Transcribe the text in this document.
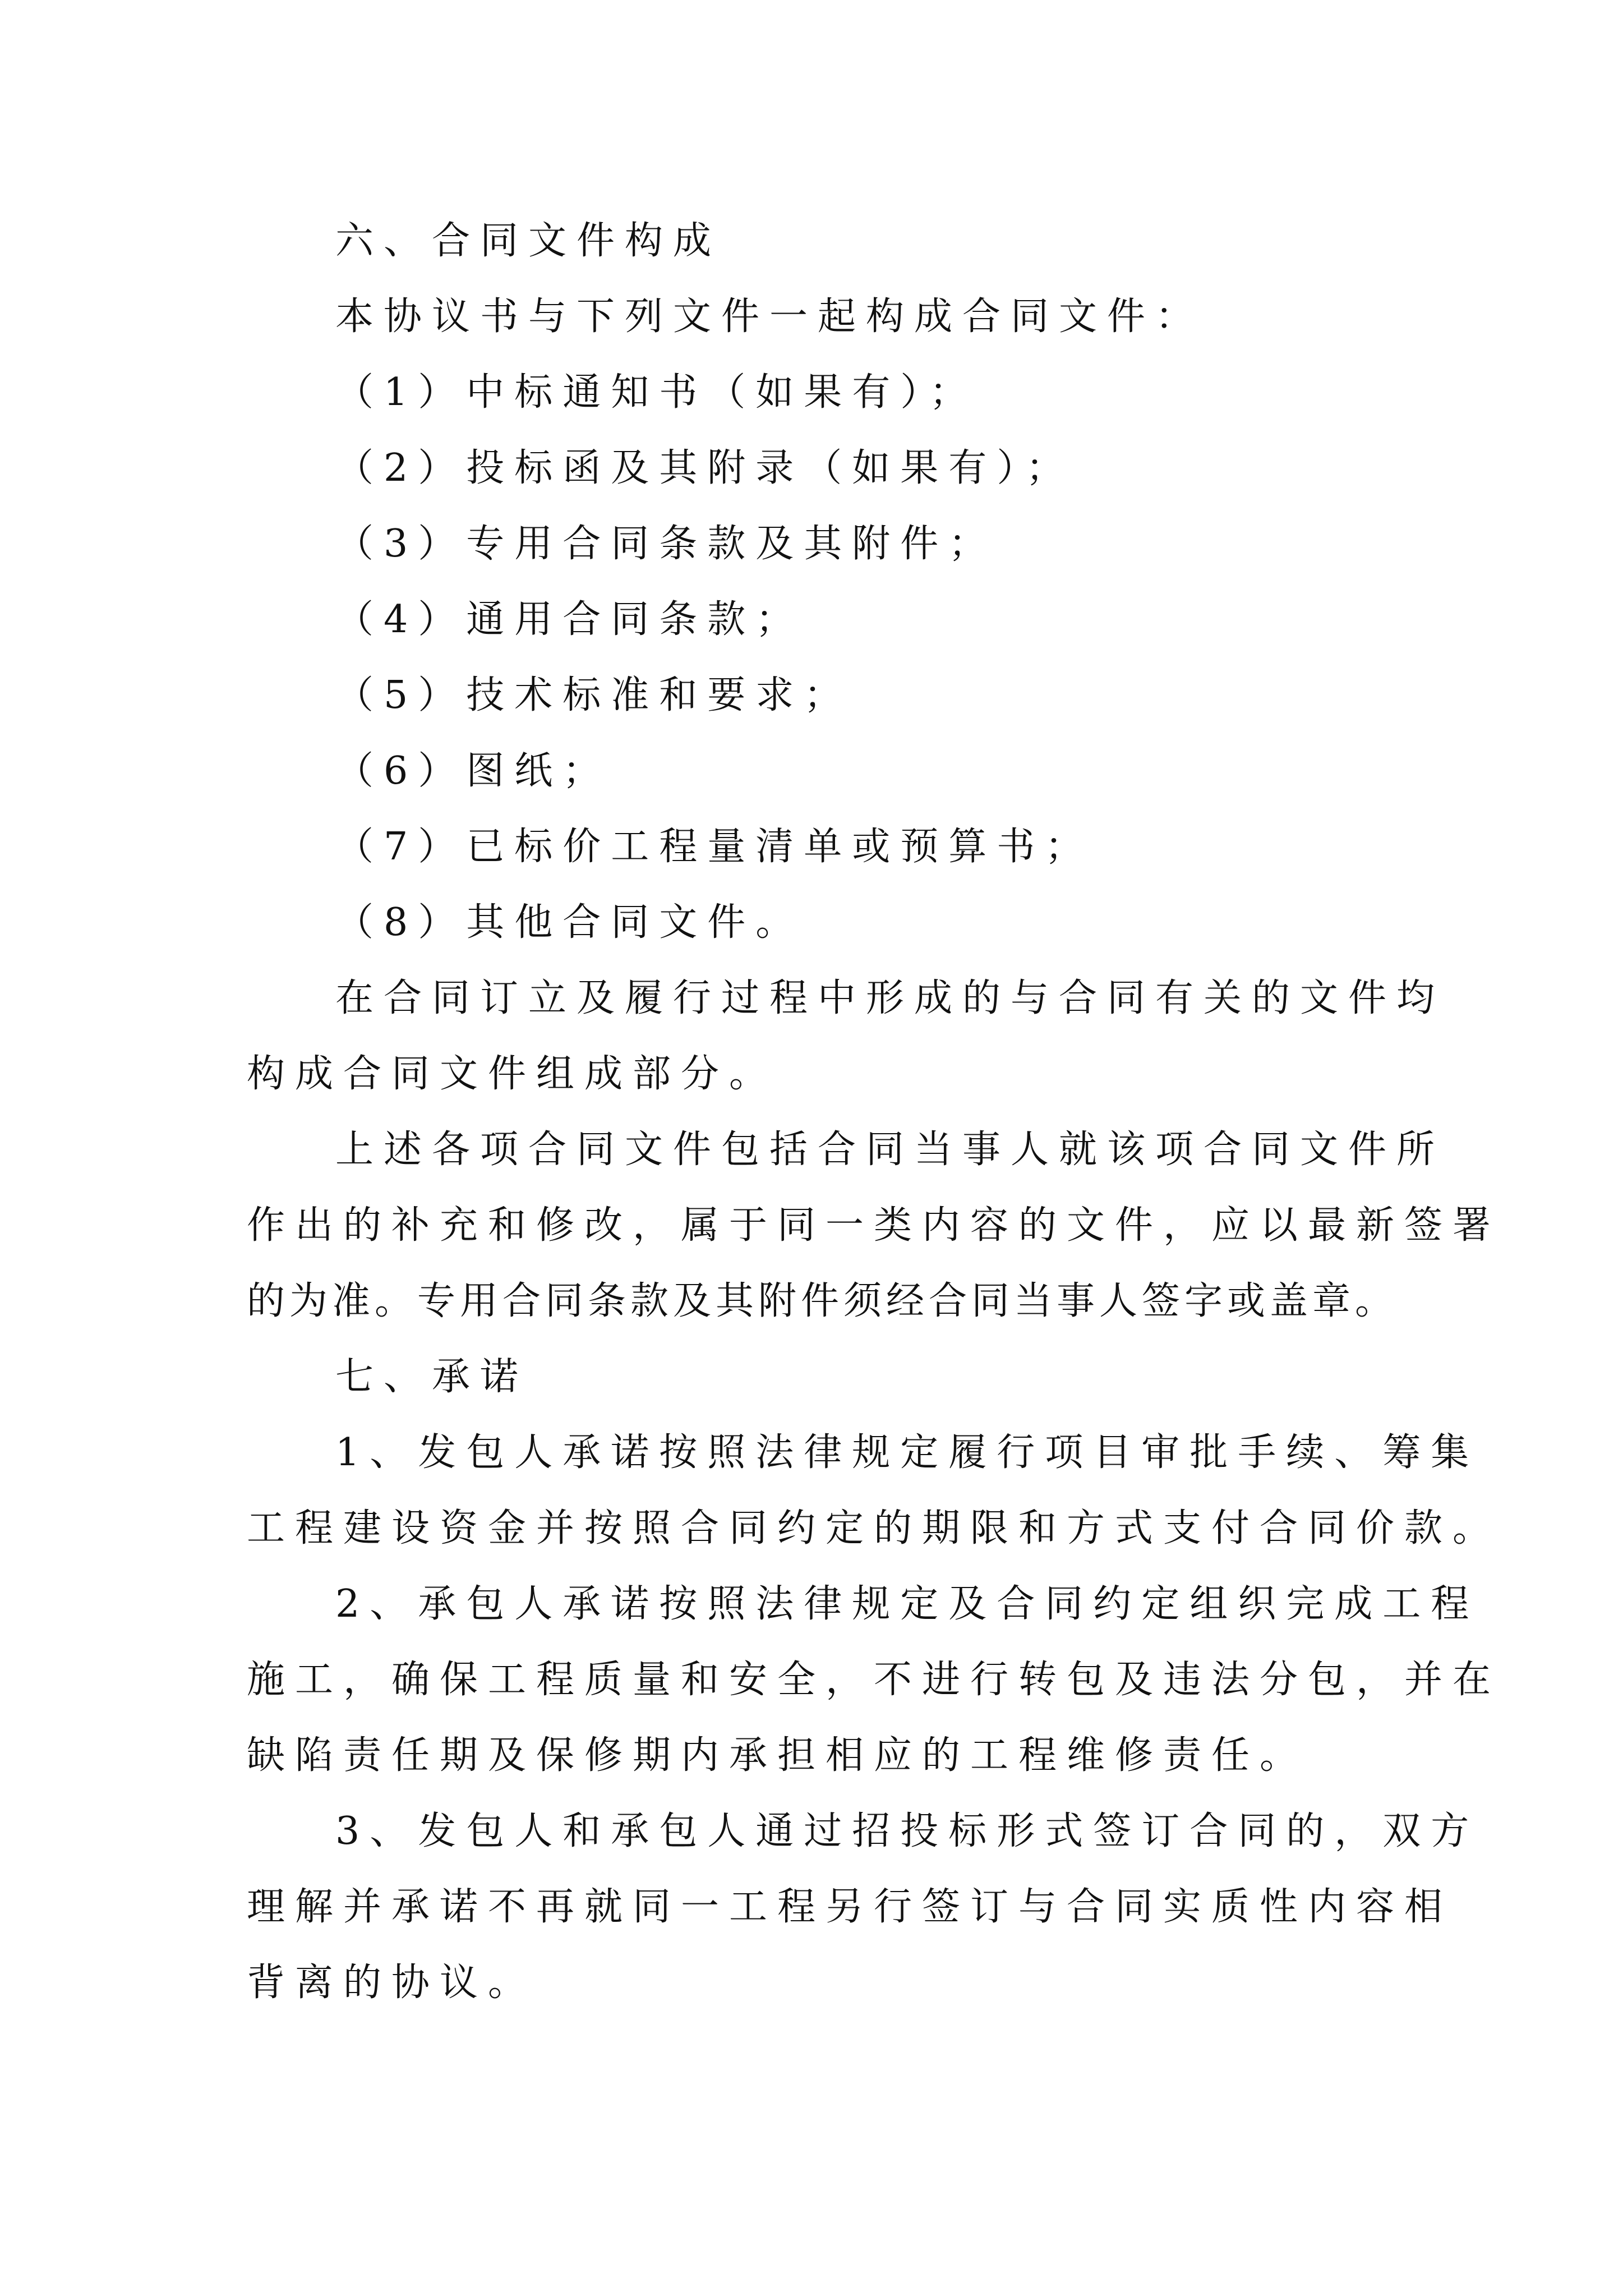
六、合同文件构成
本协议书与下列文件一起构成合同文件：
（1）中标通知书（如果有）；
（2）投标函及其附录（如果有）；
（3）专用合同条款及其附件；
（4）通用合同条款；
（5）技术标准和要求；
（6）图纸；
（7）已标价工程量清单或预算书；
（8）其他合同文件。
在合同订立及履行过程中形成的与合同有关的文件均
构成合同文件组成部分。
上述各项合同文件包括合同当事人就该项合同文件所
作出的补充和修改，属于同一类内容的文件，应以最新签署
的为准。专用合同条款及其附件须经合同当事人签字或盖章。
七、承诺
1、发包人承诺按照法律规定履行项目审批手续、筹集
工程建设资金并按照合同约定的期限和方式支付合同价款。
2、承包人承诺按照法律规定及合同约定组织完成工程
施工，确保工程质量和安全，不进行转包及违法分包，并在
缺陷责任期及保修期内承担相应的工程维修责任。
3、发包人和承包人通过招投标形式签订合同的，双方
理解并承诺不再就同一工程另行签订与合同实质性内容相
背离的协议。
